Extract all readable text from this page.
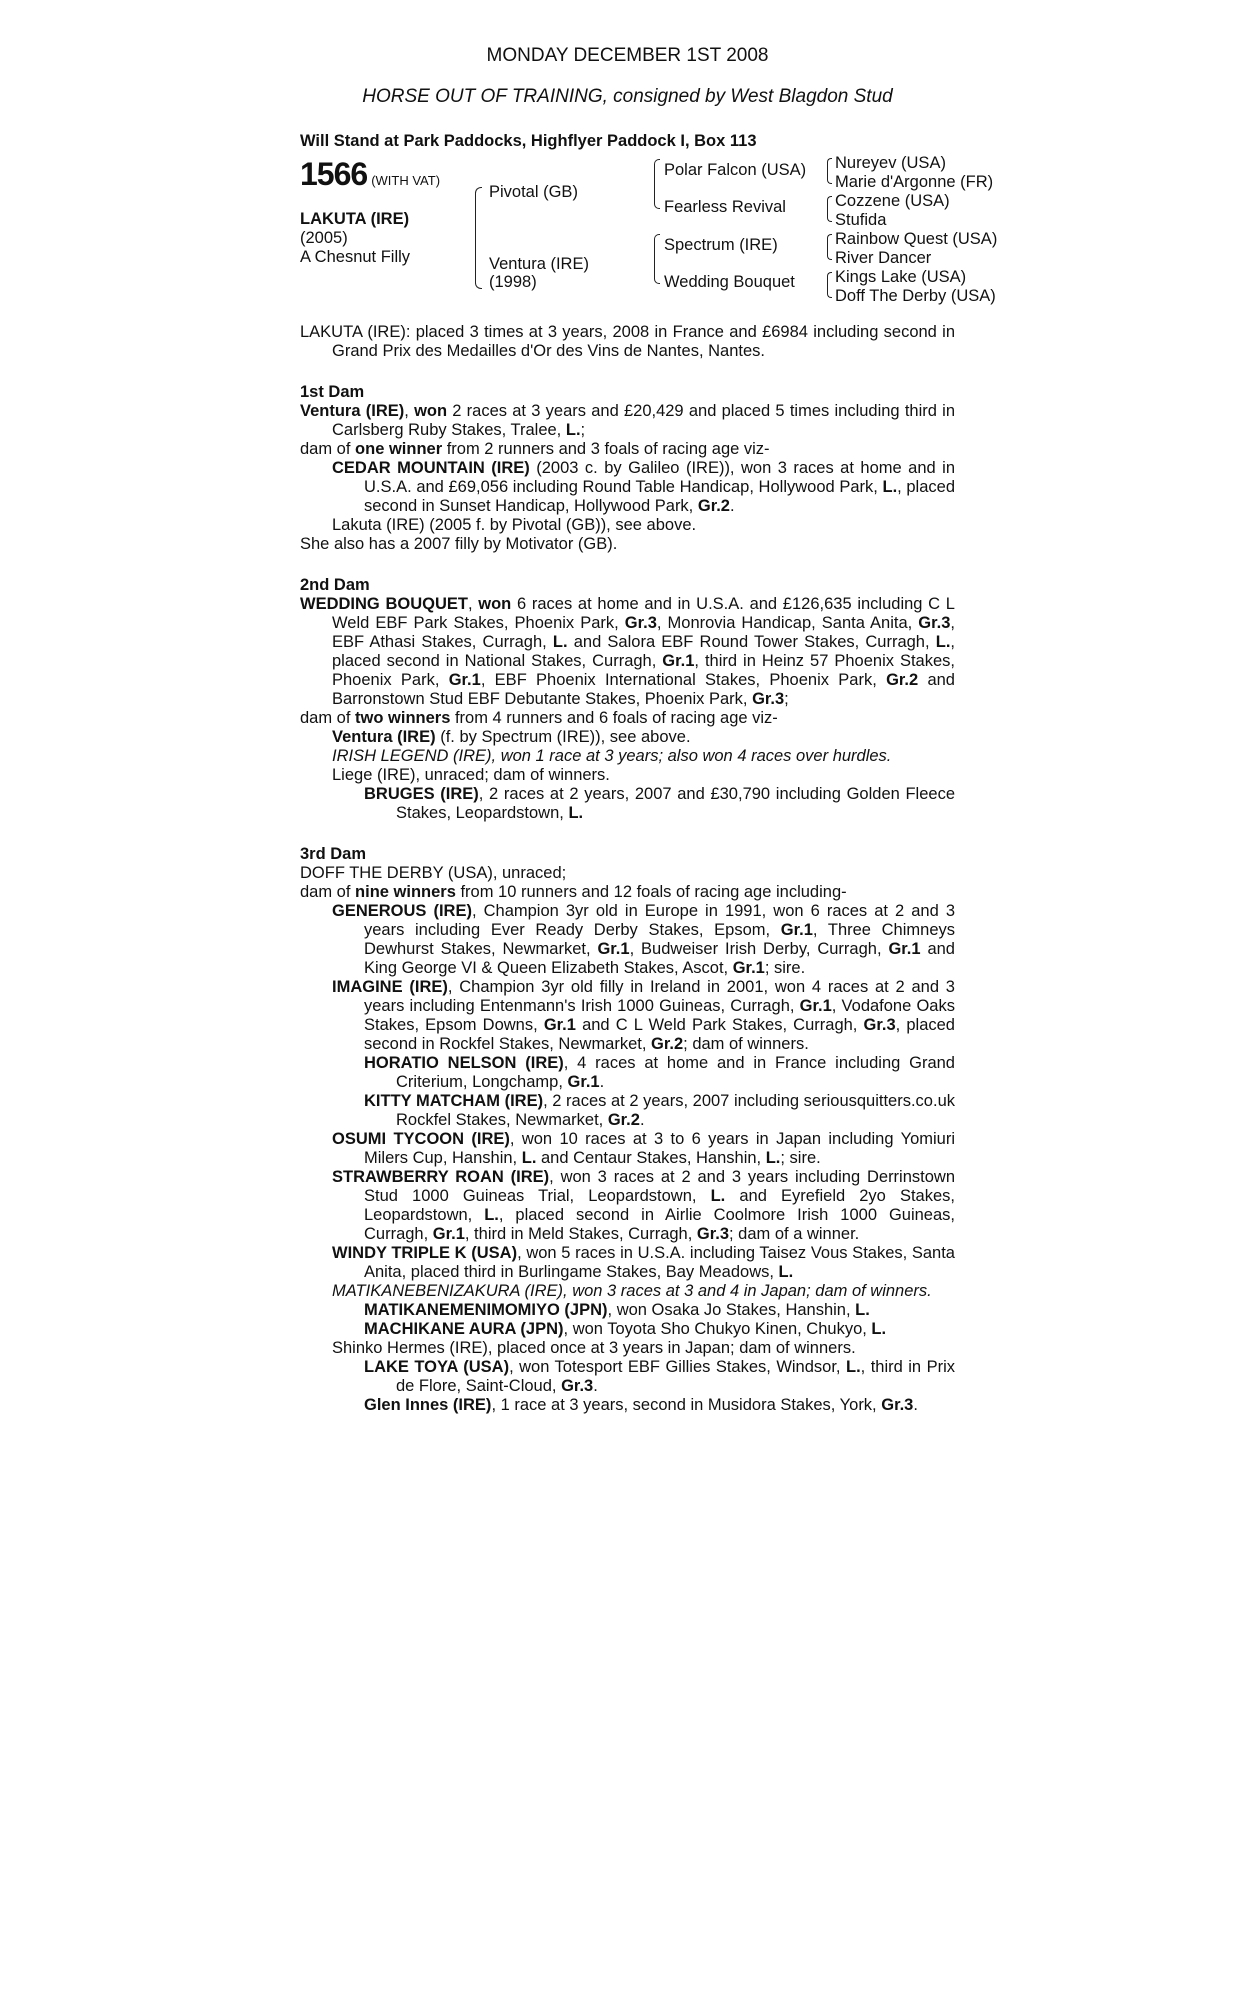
MONDAY DECEMBER 1ST 2008
HORSE OUT OF TRAINING, consigned by West Blagdon Stud
Will Stand at Park Paddocks, Highflyer Paddock I, Box 113
1566 (WITH VAT)
LAKUTA (IRE)
(2005)
A Chesnut Filly
Pivotal (GB)
Ventura (IRE)
(1998)
Polar Falcon (USA)
Fearless Revival
Spectrum (IRE)
Wedding Bouquet
Nureyev (USA)
Marie d'Argonne (FR)
Cozzene (USA)
Stufida
Rainbow Quest (USA)
River Dancer
Kings Lake (USA)
Doff The Derby (USA)

LAKUTA (IRE): placed 3 times at 3 years, 2008 in France and £6984 including second in Grand Prix des Medailles d'Or des Vins de Nantes, Nantes.

1st Dam

Ventura (IRE), won 2 races at 3 years and £20,429 and placed 5 times including third in Carlsberg Ruby Stakes, Tralee, L.;

dam of one winner from 2 runners and 3 foals of racing age viz-

CEDAR MOUNTAIN (IRE) (2003 c. by Galileo (IRE)), won 3 races at home and in U.S.A. and £69,056 including Round Table Handicap, Hollywood Park, L., placed second in Sunset Handicap, Hollywood Park, Gr.2.

Lakuta (IRE) (2005 f. by Pivotal (GB)), see above.

She also has a 2007 filly by Motivator (GB).

2nd Dam

WEDDING BOUQUET, won 6 races at home and in U.S.A. and £126,635 including C L Weld EBF Park Stakes, Phoenix Park, Gr.3, Monrovia Handicap, Santa Anita, Gr.3, EBF Athasi Stakes, Curragh, L. and Salora EBF Round Tower Stakes, Curragh, L., placed second in National Stakes, Curragh, Gr.1, third in Heinz 57 Phoenix Stakes, Phoenix Park, Gr.1, EBF Phoenix International Stakes, Phoenix Park, Gr.2 and Barronstown Stud EBF Debutante Stakes, Phoenix Park, Gr.3;

dam of two winners from 4 runners and 6 foals of racing age viz-

Ventura (IRE) (f. by Spectrum (IRE)), see above.

IRISH LEGEND (IRE), won 1 race at 3 years; also won 4 races over hurdles.

Liege (IRE), unraced; dam of winners.

BRUGES (IRE), 2 races at 2 years, 2007 and £30,790 including Golden Fleece Stakes, Leopardstown, L.

3rd Dam

DOFF THE DERBY (USA), unraced;

dam of nine winners from 10 runners and 12 foals of racing age including-

GENEROUS (IRE), Champion 3yr old in Europe in 1991, won 6 races at 2 and 3 years including Ever Ready Derby Stakes, Epsom, Gr.1, Three Chimneys Dewhurst Stakes, Newmarket, Gr.1, Budweiser Irish Derby, Curragh, Gr.1 and King George VI & Queen Elizabeth Stakes, Ascot, Gr.1; sire.

IMAGINE (IRE), Champion 3yr old filly in Ireland in 2001, won 4 races at 2 and 3 years including Entenmann's Irish 1000 Guineas, Curragh, Gr.1, Vodafone Oaks Stakes, Epsom Downs, Gr.1 and C L Weld Park Stakes, Curragh, Gr.3, placed second in Rockfel Stakes, Newmarket, Gr.2; dam of winners.

HORATIO NELSON (IRE), 4 races at home and in France including Grand Criterium, Longchamp, Gr.1.

KITTY MATCHAM (IRE), 2 races at 2 years, 2007 including seriousquitters.co.uk Rockfel Stakes, Newmarket, Gr.2.

OSUMI TYCOON (IRE), won 10 races at 3 to 6 years in Japan including Yomiuri Milers Cup, Hanshin, L. and Centaur Stakes, Hanshin, L.; sire.

STRAWBERRY ROAN (IRE), won 3 races at 2 and 3 years including Derrinstown Stud 1000 Guineas Trial, Leopardstown, L. and Eyrefield 2yo Stakes, Leopardstown, L., placed second in Airlie Coolmore Irish 1000 Guineas, Curragh, Gr.1, third in Meld Stakes, Curragh, Gr.3; dam of a winner.

WINDY TRIPLE K (USA), won 5 races in U.S.A. including Taisez Vous Stakes, Santa Anita, placed third in Burlingame Stakes, Bay Meadows, L.

MATIKANEBENIZAKURA (IRE), won 3 races at 3 and 4 in Japan; dam of winners.

MATIKANEMENIMOMIYO (JPN), won Osaka Jo Stakes, Hanshin, L.

MACHIKANE AURA (JPN), won Toyota Sho Chukyo Kinen, Chukyo, L.

Shinko Hermes (IRE), placed once at 3 years in Japan; dam of winners.

LAKE TOYA (USA), won Totesport EBF Gillies Stakes, Windsor, L., third in Prix de Flore, Saint-Cloud, Gr.3.

Glen Innes (IRE), 1 race at 3 years, second in Musidora Stakes, York, Gr.3.
